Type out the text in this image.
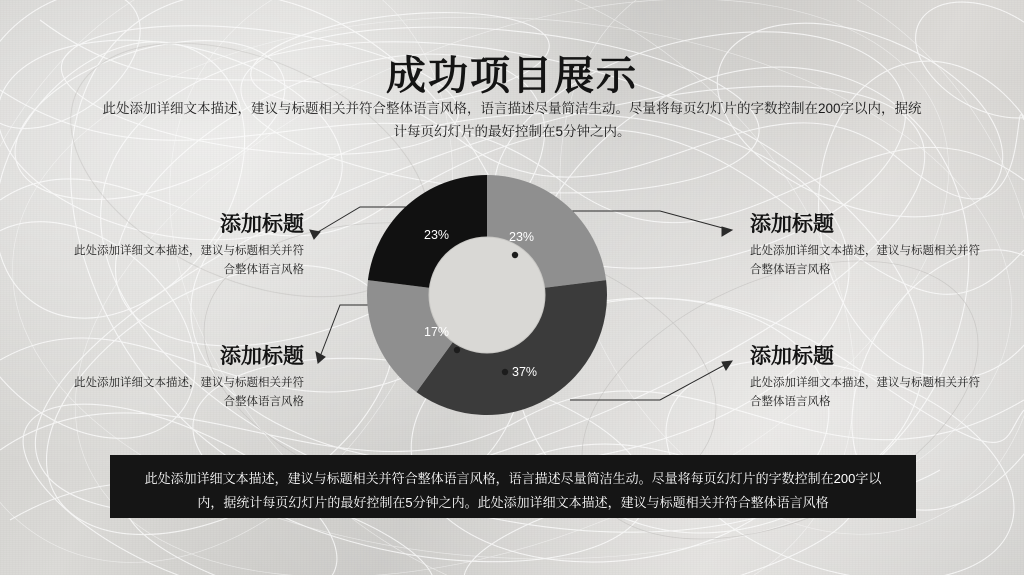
成功项目展示
此处添加详细文本描述，建议与标题相关并符合整体语言风格，语言描述尽量简洁生动。尽量将每页幻灯片的字数控制在200字以内，据统计每页幻灯片的最好控制在5分钟之内。
23%
23%
17%
37%
添加标题
此处添加详细文本描述，建议与标题相关并符合整体语言风格
添加标题
此处添加详细文本描述，建议与标题相关并符合整体语言风格
添加标题
此处添加详细文本描述，建议与标题相关并符合整体语言风格
添加标题
此处添加详细文本描述，建议与标题相关并符合整体语言风格
此处添加详细文本描述，建议与标题相关并符合整体语言风格，语言描述尽量简洁生动。尽量将每页幻灯片的字数控制在200字以内，据统计每页幻灯片的最好控制在5分钟之内。此处添加详细文本描述，建议与标题相关并符合整体语言风格
